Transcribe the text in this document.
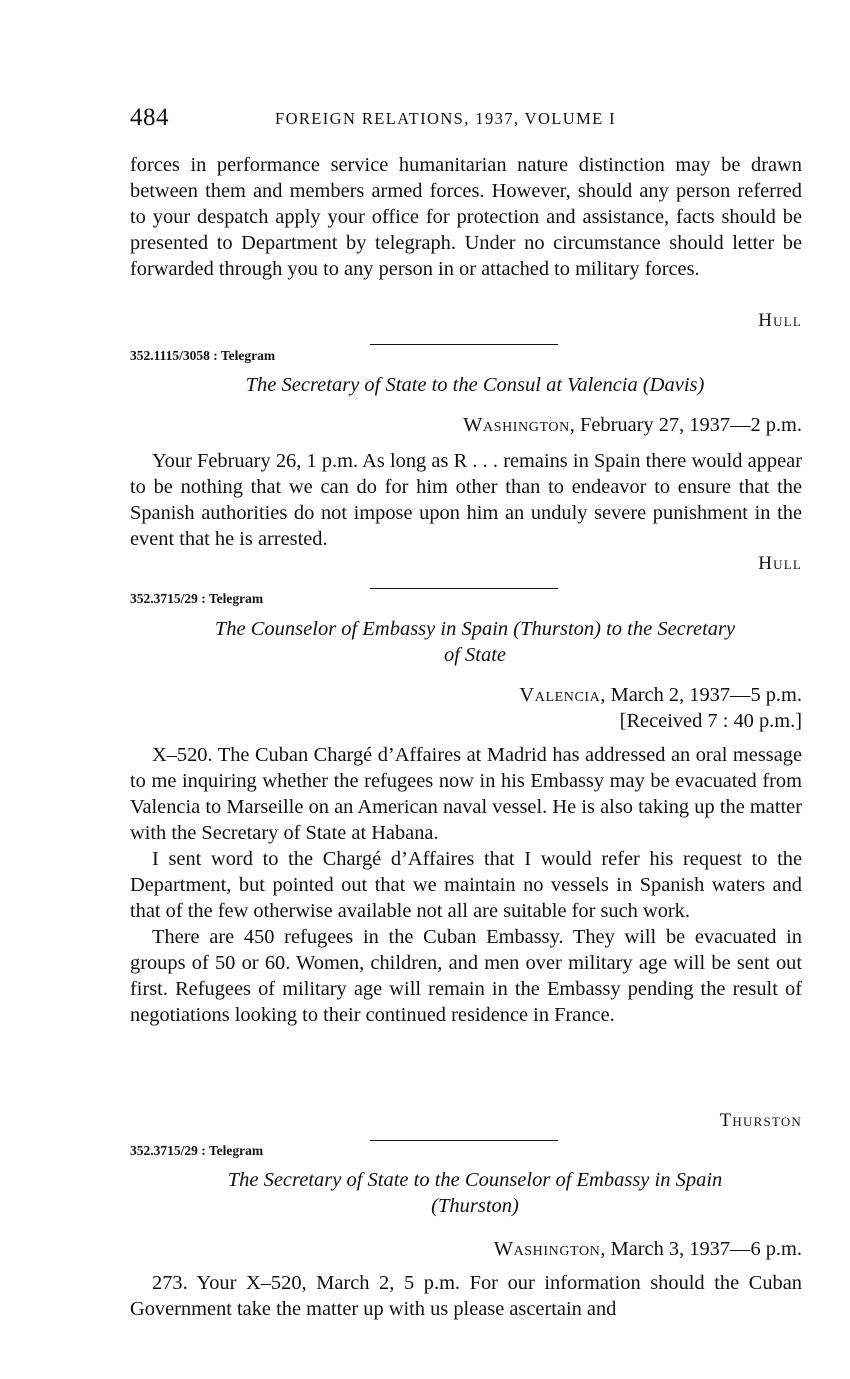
484	FOREIGN RELATIONS, 1937, VOLUME I

forces in performance service humanitarian nature distinction may be drawn between them and members armed forces. However, should any person referred to your despatch apply your office for protection and assistance, facts should be presented to Department by telegraph. Under no circumstance should letter be forwarded through you to any person in or attached to military forces.

Hull
352.1115/3058 : Telegram
The Secretary of State to the Consul at Valencia (Davis)
Washington, February 27, 1937—2 p.m.

Your February 26, 1 p.m. As long as R . . . remains in Spain there would appear to be nothing that we can do for him other than to endeavor to ensure that the Spanish authorities do not impose upon him an unduly severe punishment in the event that he is arrested.

Hull
352.3715/29 : Telegram
The Counselor of Embassy in Spain (Thurston) to the Secretary
of State
Valencia, March 2, 1937—5 p.m.
[Received 7 : 40 p.m.]

X–520. The Cuban Chargé d’Affaires at Madrid has addressed an oral message to me inquiring whether the refugees now in his Embassy may be evacuated from Valencia to Marseille on an American naval vessel. He is also taking up the matter with the Secretary of State at Habana.

I sent word to the Chargé d’Affaires that I would refer his request to the Department, but pointed out that we maintain no vessels in Spanish waters and that of the few otherwise available not all are suitable for such work.

There are 450 refugees in the Cuban Embassy. They will be evacuated in groups of 50 or 60. Women, children, and men over military age will be sent out first. Refugees of military age will remain in the Embassy pending the result of negotiations looking to their continued residence in France.

Thurston
352.3715/29 : Telegram
The Secretary of State to the Counselor of Embassy in Spain
(Thurston)
Washington, March 3, 1937—6 p.m.

273. Your X–520, March 2, 5 p.m. For our information should the Cuban Government take the matter up with us please ascertain and
